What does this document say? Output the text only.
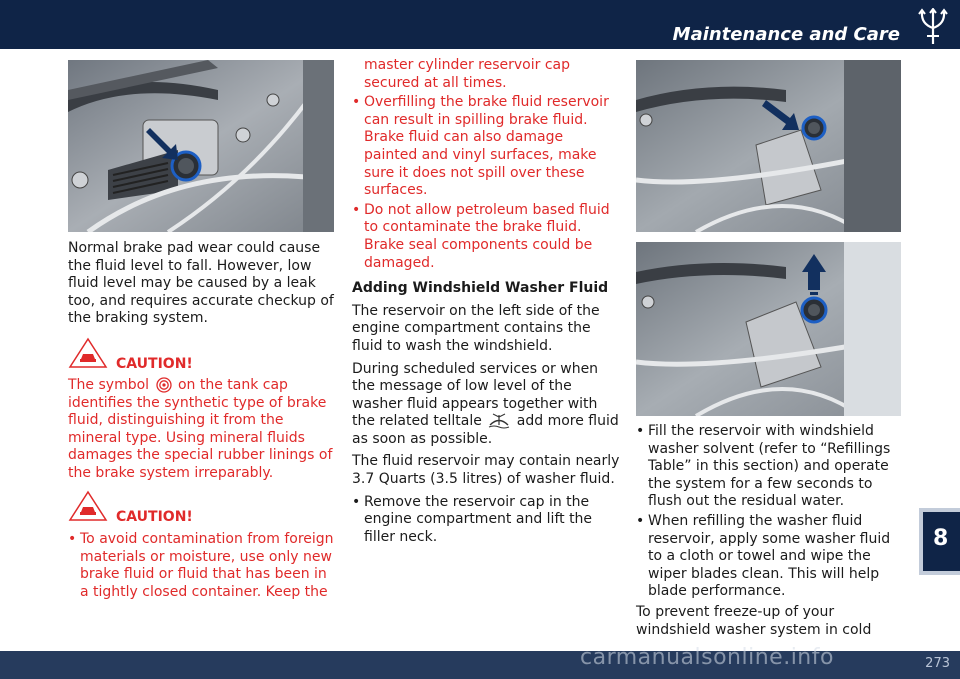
Maintenance and Care

Normal brake pad wear could cause the fluid level to fall. However, low fluid level may be caused by a leak too, and requires accurate checkup of the braking system.

CAUTION!
The symbol on the tank cap identifies the synthetic type of brake fluid, distinguishing it from the mineral type. Using mineral fluids damages the special rubber linings of the brake system irreparably.
CAUTION!
• To avoid contamination from foreign materials or moisture, use only new brake fluid or fluid that has been in a tightly closed container. Keep the
master cylinder reservoir cap secured at all times.
• Overfilling the brake fluid reservoir can result in spilling brake fluid. Brake fluid can also damage painted and vinyl surfaces, make sure it does not spill over these surfaces.
• Do not allow petroleum based fluid to contaminate the brake fluid. Brake seal components could be damaged.

Adding Windshield Washer Fluid

The reservoir on the left side of the engine compartment contains the fluid to wash the windshield.

During scheduled services or when the message of low level of the washer fluid appears together with the related telltale add more fluid as soon as possible.

The fluid reservoir may contain nearly 3.7 Quarts (3.5 litres) of washer fluid.

• Remove the reservoir cap in the engine compartment and lift the filler neck.
• Fill the reservoir with windshield washer solvent (refer to “Refillings Table” in this section) and operate the system for a few seconds to flush out the residual water.
• When refilling the washer fluid reservoir, apply some washer fluid to a cloth or towel and wipe the wiper blades clean. This will help blade performance.

To prevent freeze-up of your windshield washer system in cold

8
carmanualsonline.info	273
